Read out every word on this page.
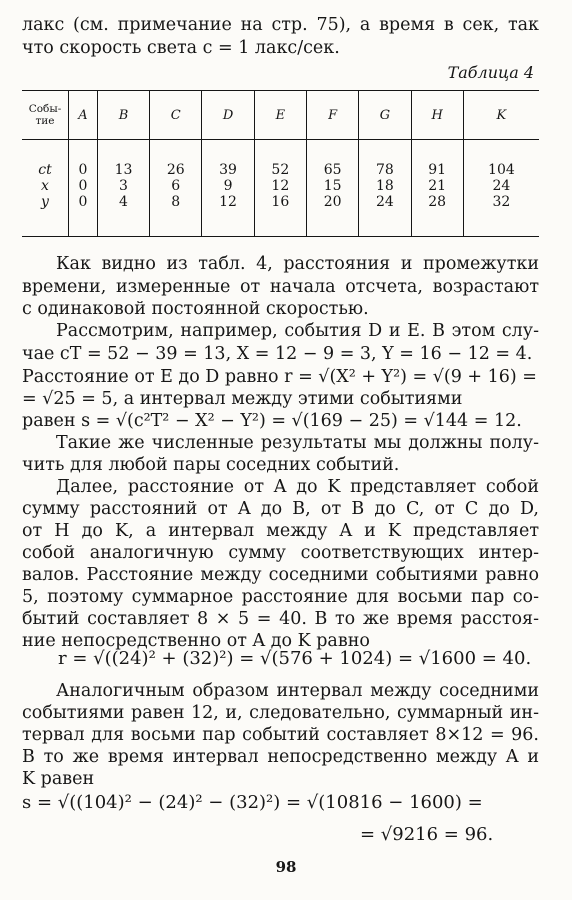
лакс (см. примечание на стр. 75), а время в сек, так
что скорость света c = 1 лакс/сек.
Таблица 4
Собы-тие	A	B	C	D	E	F	G	H	K
ct	0	13	26	39	52	65	78	91	104
x	0	3	6	9	12	15	18	21	24
y	0	4	8	12	16	20	24	28	32
Как видно из табл. 4, расстояния и промежутки
времени, измеренные от начала отсчета, возрастают
с одинаковой постоянной скоростью.
Рассмотрим, например, события D и E. В этом слу-
чае cT = 52 − 39 = 13, X = 12 − 9 = 3, Y = 16 − 12 = 4.
Расстояние от E до D равно r = √(X² + Y²) = √(9 + 16) =
= √25 = 5, а интервал между этими событиями
равен s = √(c²T² − X² − Y²) = √(169 − 25) = √144 = 12.
Такие же численные результаты мы должны полу-
чить для любой пары соседних событий.
Далее, расстояние от A до K представляет собой
сумму расстояний от A до B, от B до C, от C до D,
от H до K, а интервал между A и K представляет
собой аналогичную сумму соответствующих интер-
валов. Расстояние между соседними событиями равно
5, поэтому суммарное расстояние для восьми пар со-
бытий составляет 8 × 5 = 40. В то же время расстоя-
ние непосредственно от A до K равно
r = √((24)² + (32)²) = √(576 + 1024) = √1600 = 40.
Аналогичным образом интервал между соседними
событиями равен 12, и, следовательно, суммарный ин-
тервал для восьми пар событий составляет 8×12 = 96.
В то же время интервал непосредственно между A и
K равен
s = √((104)² − (24)² − (32)²) = √(10816 − 1600) =
= √9216 = 96.
98
